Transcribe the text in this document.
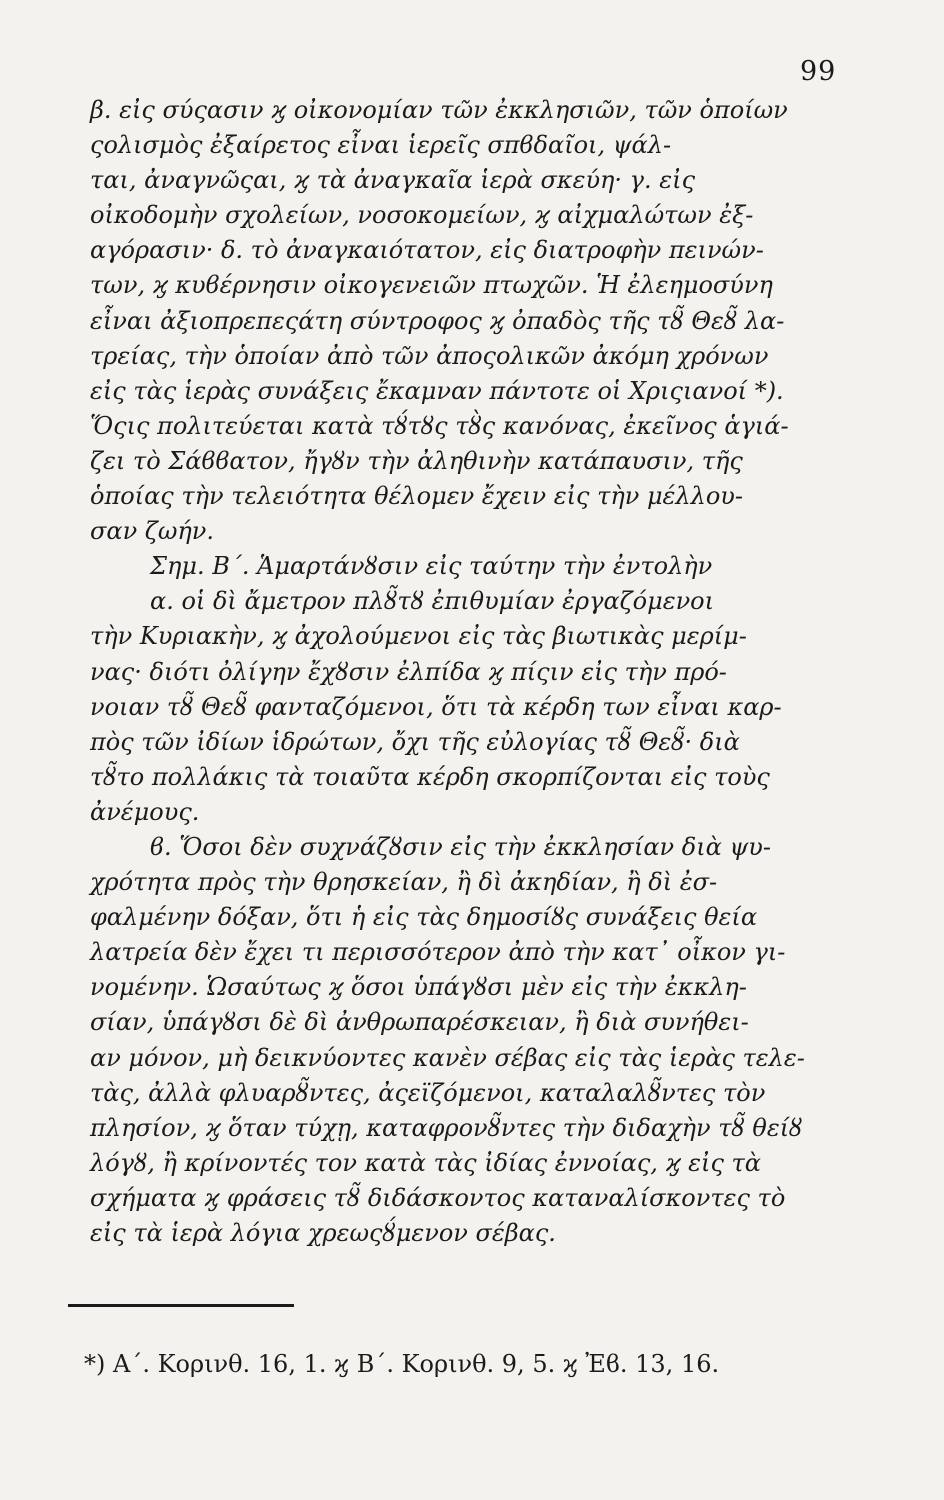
99
β. εἰς σύςασιν ϗ οἰκονομίαν τῶν ἐκκλησιῶν, τῶν ὁποίων
ςολισμὸς ἐξαίρετος εἶναι ἱερεῖς σπϐδαῖοι, ψάλ-
ται, ἀναγνῶςαι, ϗ τὰ ἀναγκαῖα ἱερὰ σκεύη· γ. εἰς
οἰκοδομὴν σχολείων, νοσοκομείων, ϗ αἰχμαλώτων ἐξ-
αγόρασιν· δ. τὸ ἀναγκαιότατον, εἰς διατροφὴν πεινών-
των, ϗ κυϐέρνησιν οἰκογενειῶν πτωχῶν. Ἡ ἐλεημοσύνη
εἶναι ἀξιοπρεπεςάτη σύντροφος ϗ ὀπαδὸς τῆς τȣ̃ Θεȣ̃ λα-
τρείας, τὴν ὁποίαν ἀπὸ τῶν ἀποςολικῶν ἀκόμη χρόνων
εἰς τὰς ἱερὰς συνάξεις ἔκαμναν πάντοτε οἱ Χριςιανοί *).
Ὅςις πολιτεύεται κατὰ τȣ́τȣς τȣ̀ς κανόνας, ἐκεῖνος ἁγιά-
ζει τὸ Σάϐϐατον, ἤγȣν τὴν ἀληθινὴν κατάπαυσιν, τῆς
ὁποίας τὴν τελειότητα θέλομεν ἔχειν εἰς τὴν μέλλου-
σαν ζωήν.
Σημ. Β΄. Ἁμαρτάνȣσιν εἰς ταύτην τὴν ἐντολὴν
α. οἱ δὶ ἄμετρον πλȣ̃τȣ ἐπιθυμίαν ἐργαζόμενοι
τὴν Κυριακὴν, ϗ ἀχολούμενοι εἰς τὰς βιωτικὰς μερίμ-
νας· διότι ὀλίγην ἔχȣσιν ἐλπίδα ϗ πίςιν εἰς τὴν πρό-
νοιαν τȣ̃ Θεȣ̃ φανταζόμενοι, ὅτι τὰ κέρδη των εἶναι καρ-
πὸς τῶν ἰδίων ἱδρώτων, ὄχι τῆς εὐλογίας τȣ̃ Θεȣ̃· διὰ
τȣ̃το πολλάκις τὰ τοιαῦτα κέρδη σκορπίζονται εἰς τοὺς
ἀνέμους.
ϐ. Ὅσοι δὲν συχνάζȣσιν εἰς τὴν ἐκκλησίαν διὰ ψυ-
χρότητα πρὸς τὴν θρησκείαν, ἢ δὶ ἀκηδίαν, ἢ δὶ ἐσ-
φαλμένην δόξαν, ὅτι ἡ εἰς τὰς δημοσίȣς συνάξεις θεία
λατρεία δὲν ἔχει τι περισσότερον ἀπὸ τὴν κατ᾽ οἶκον γι-
νομένην. Ὡσαύτως ϗ ὅσοι ὑπάγȣσι μὲν εἰς τὴν ἐκκλη-
σίαν, ὑπάγȣσι δὲ δὶ ἀνθρωπαρέσκειαν, ἢ διὰ συνήθει-
αν μόνον, μὴ δεικνύοντες κανὲν σέβας εἰς τὰς ἱερὰς τελε-
τὰς, ἀλλὰ φλυαρȣ̃ντες, ἀςεϊζόμενοι, καταλαλȣ̃ντες τὸν
πλησίον, ϗ ὅταν τύχῃ, καταφρονȣ̃ντες τὴν διδαχὴν τȣ̃ θείȣ
λόγȣ, ἢ κρίνοντές τον κατὰ τὰς ἰδίας ἐννοίας, ϗ εἰς τὰ
σχήματα ϗ φράσεις τȣ̃ διδάσκοντος καταναλίσκοντες τὸ
εἰς τὰ ἱερὰ λόγια χρεωςȣ́μενον σέβας.
*) Α΄. Κορινθ. 16, 1. ϗ Β΄. Κορινθ. 9, 5. ϗ Ἐϐ. 13, 16.
